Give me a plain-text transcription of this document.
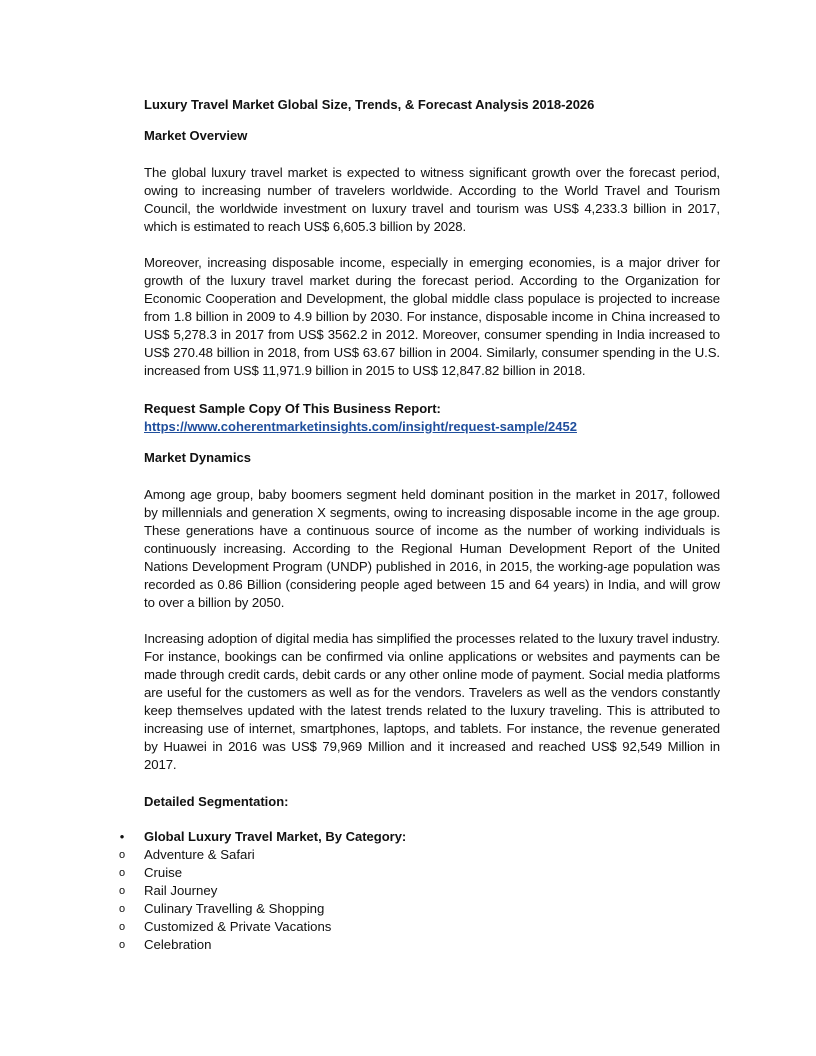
Luxury Travel Market Global Size, Trends, & Forecast Analysis 2018-2026

Market Overview

The global luxury travel market is expected to witness significant growth over the forecast period, owing to increasing number of travelers worldwide. According to the World Travel and Tourism Council, the worldwide investment on luxury travel and tourism was US$ 4,233.3 billion in 2017, which is estimated to reach US$ 6,605.3 billion by 2028.

Moreover, increasing disposable income, especially in emerging economies, is a major driver for growth of the luxury travel market during the forecast period. According to the Organization for Economic Cooperation and Development, the global middle class populace is projected to increase from 1.8 billion in 2009 to 4.9 billion by 2030. For instance, disposable income in China increased to US$ 5,278.3 in 2017 from US$ 3562.2 in 2012. Moreover, consumer spending in India increased to US$ 270.48 billion in 2018, from US$ 63.67 billion in 2004. Similarly, consumer spending in the U.S. increased from US$ 11,971.9 billion in 2015 to US$ 12,847.82 billion in 2018.

Request Sample Copy Of This Business Report:

https://www.coherentmarketinsights.com/insight/request-sample/2452

Market Dynamics

Among age group, baby boomers segment held dominant position in the market in 2017, followed by millennials and generation X segments, owing to increasing disposable income in the age group. These generations have a continuous source of income as the number of working individuals is continuously increasing. According to the Regional Human Development Report of the United Nations Development Program (UNDP) published in 2016, in 2015, the working-age population was recorded as 0.86 Billion (considering people aged between 15 and 64 years) in India, and will grow to over a billion by 2050.

Increasing adoption of digital media has simplified the processes related to the luxury travel industry. For instance, bookings can be confirmed via online applications or websites and payments can be made through credit cards, debit cards or any other online mode of payment. Social media platforms are useful for the customers as well as for the vendors. Travelers as well as the vendors constantly keep themselves updated with the latest trends related to the luxury traveling. This is attributed to increasing use of internet, smartphones, laptops, and tablets. For instance, the revenue generated by Huawei in 2016 was US$ 79,969 Million and it increased and reached US$ 92,549 Million in 2017.

Detailed Segmentation:

• Global Luxury Travel Market, By Category:
o Adventure & Safari
o Cruise
o Rail Journey
o Culinary Travelling & Shopping
o Customized & Private Vacations
o Celebration
